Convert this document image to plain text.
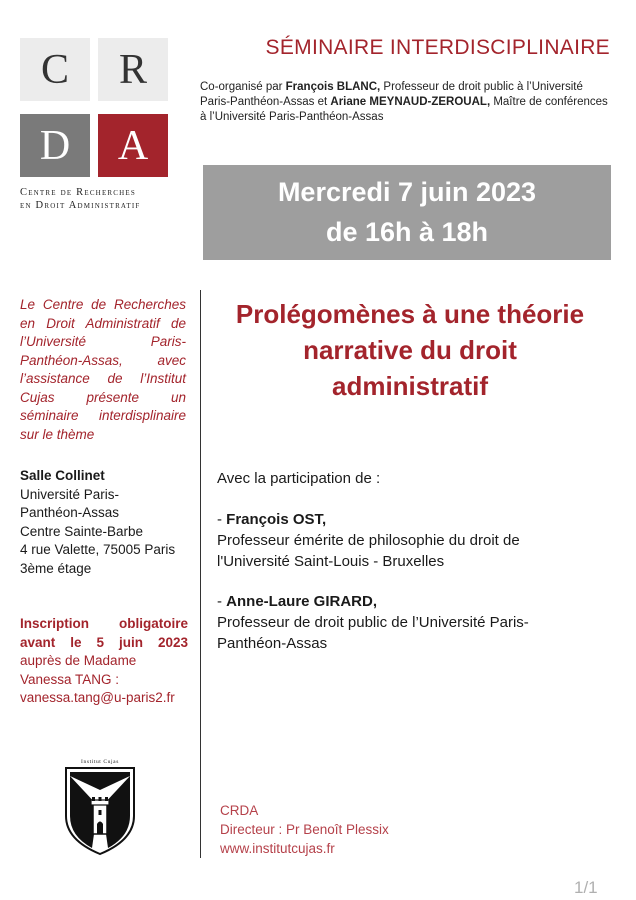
C	R
D	A
Centre de Recherches
en Droit Administratif
SÉMINAIRE INTERDISCIPLINAIRE
Co-organisé par François BLANC, Professeur de droit public à l’Université Paris-Panthéon-Assas et Ariane MEYNAUD-ZEROUAL, Maître de conférences à l’Université Paris-Panthéon-Assas
Mercredi 7 juin 2023
de 16h à 18h
Le Centre de Recherches en Droit Administratif de l’Université Paris-Panthéon-Assas, avec l’assistance de l’Institut Cujas présente un séminaire interdisplinaire sur le thème
Salle Collinet
Université Paris-
Panthéon-Assas
Centre Sainte-Barbe
4 rue Valette, 75005 Paris
3ème étage
Inscription obligatoire
avant le 5 juin 2023
auprès de Madame
Vanessa TANG :
vanessa.tang@u-paris2.fr
Institut Cujas
Prolégomènes à une théorie
narrative du droit
administratif
Avec la participation de :
- François OST,
Professeur émérite de philosophie du droit de
l'Université Saint-Louis - Bruxelles
- Anne-Laure GIRARD,
Professeur de droit public de l’Université Paris-
Panthéon-Assas
CRDA
Directeur : Pr Benoît Plessix
www.institutcujas.fr
1/1
